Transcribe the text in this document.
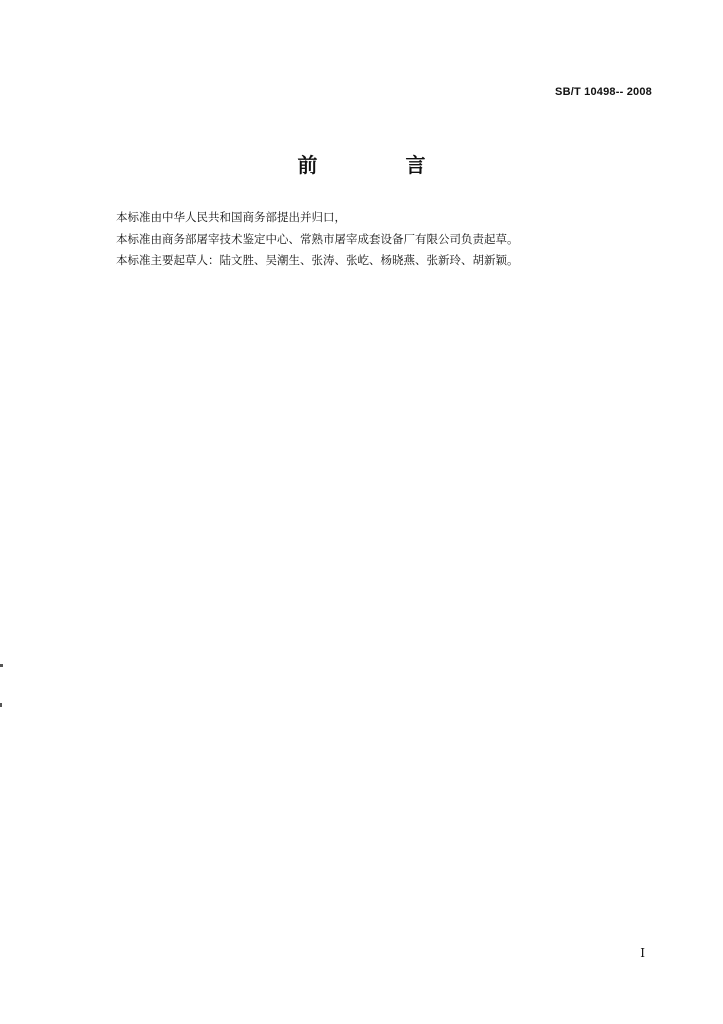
SB/T 10498-- 2008
前　言
本标准由中华人民共和国商务部提出并归口，
本标准由商务部屠宰技术鉴定中心、常熟市屠宰成套设备厂有限公司负责起草。
本标准主要起草人：陆文胜、吴潮生、张涛、张屹、杨晓燕、张新玲、胡新颖。
I
